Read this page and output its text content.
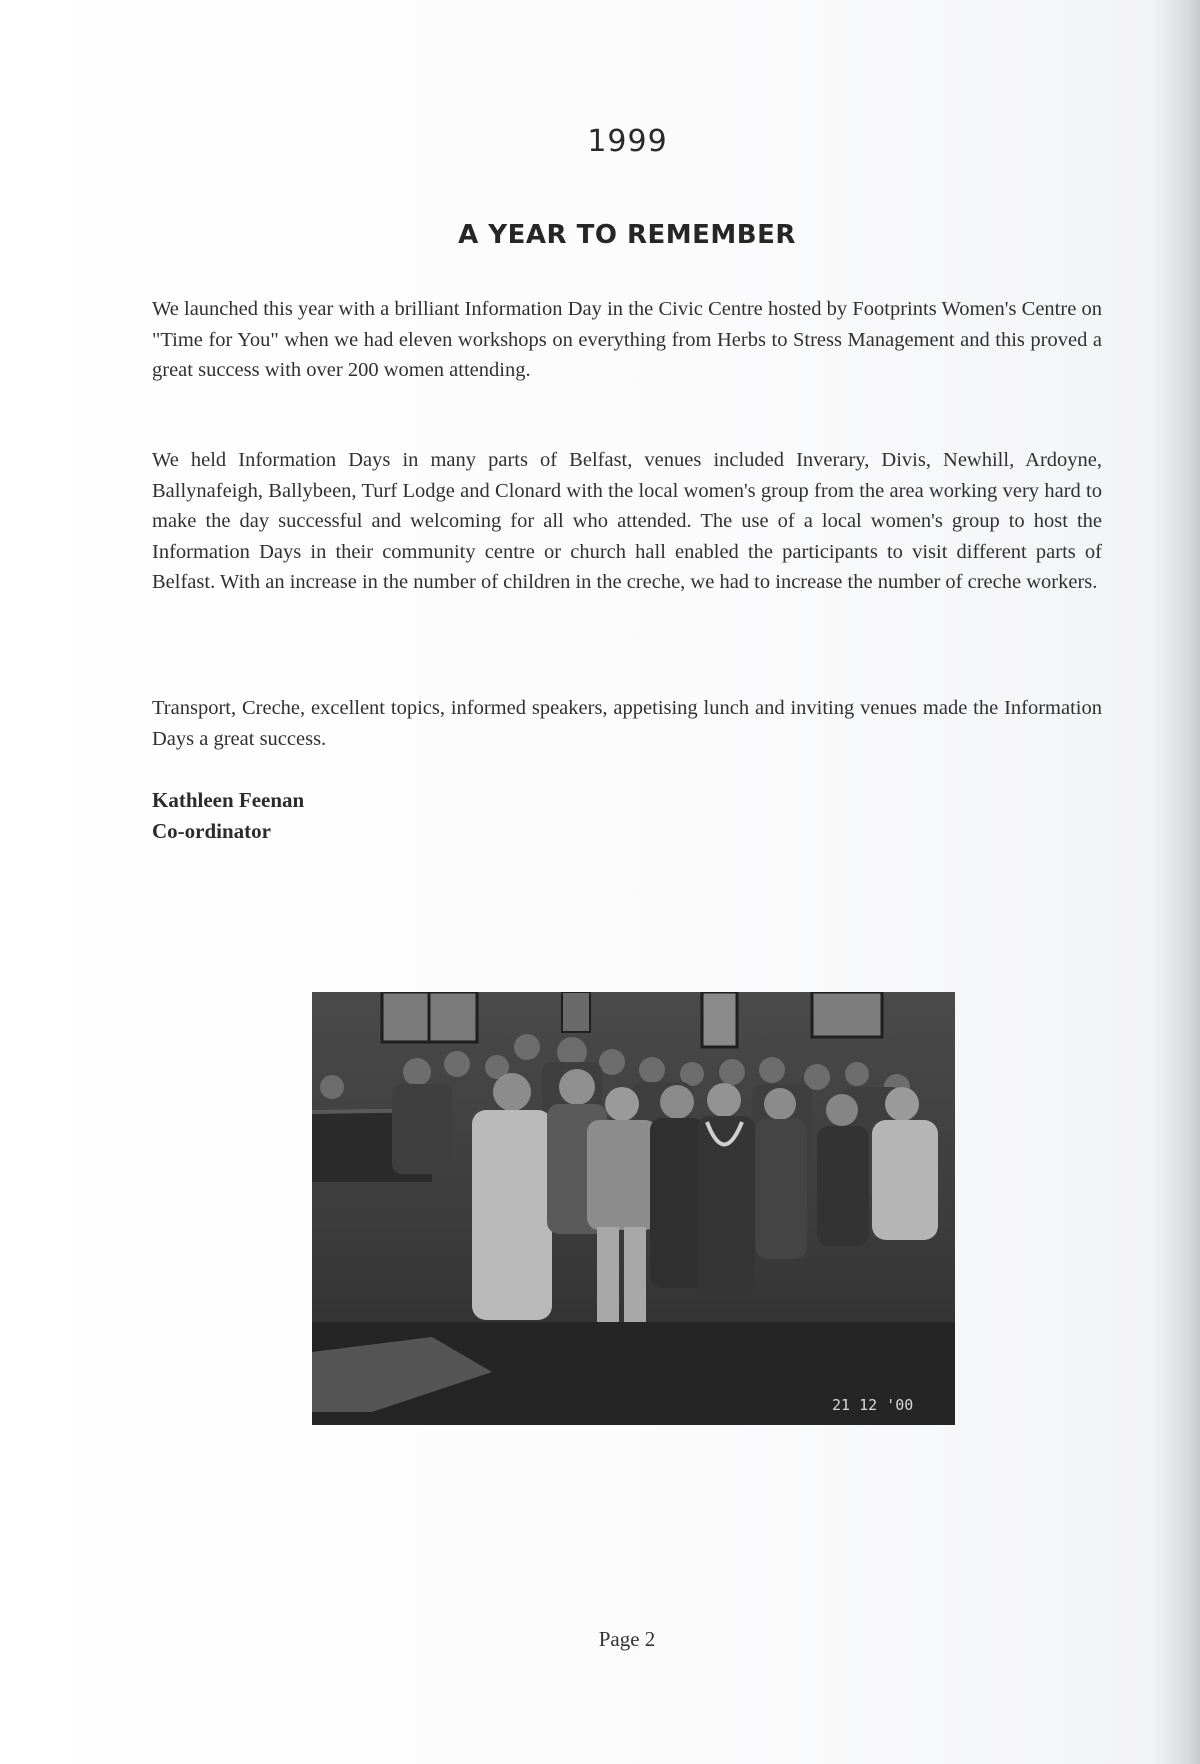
1999
A YEAR TO REMEMBER

We launched this year with a brilliant Information Day in the Civic Centre hosted by Footprints Women's Centre on "Time for You" when we had eleven workshops on everything from Herbs to Stress Management and this proved a great success with over 200 women attending.

We held Information Days in many parts of Belfast, venues included Inverary, Divis, Newhill, Ardoyne, Ballynafeigh, Ballybeen, Turf Lodge and Clonard with the local women's group from the area working very hard to make the day successful and welcoming for all who attended. The use of a local women's group to host the Information Days in their community centre or church hall enabled the participants to visit different parts of Belfast. With an increase in the number of children in the creche, we had to increase the number of creche workers.

Transport, Creche, excellent topics, informed speakers, appetising lunch and inviting venues made the Information Days a great success.

Kathleen Feenan
Co-ordinator
21 12 '00
Page 2
